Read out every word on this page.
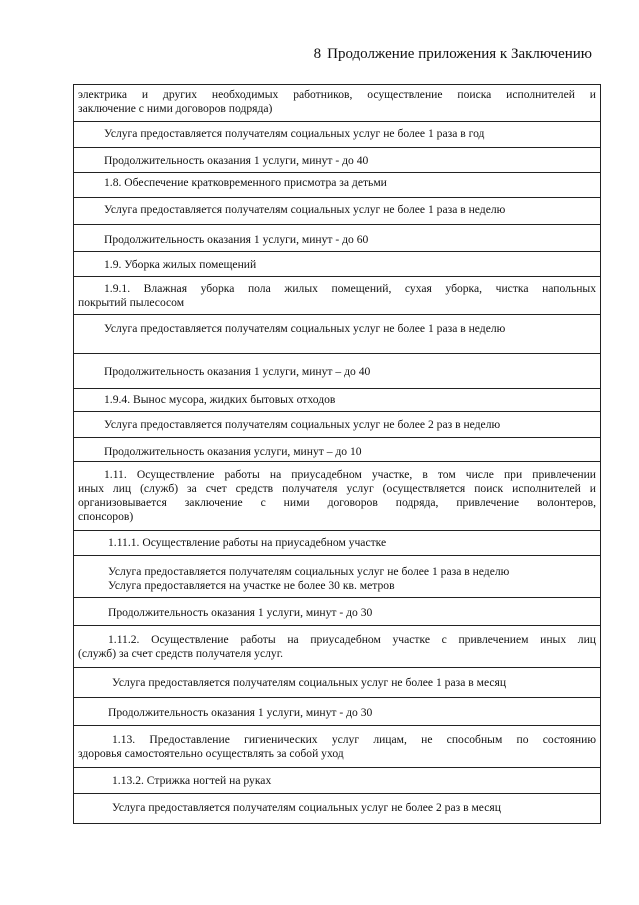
8 Продолжение приложения к Заключению
электрика и других необходимых работников, осуществление поиска исполнителей и
заключение с ними договоров подряда)
Услуга предоставляется получателям социальных услуг не более 1 раза в год
Продолжительность оказания 1 услуги, минут - до 40
1.8. Обеспечение кратковременного присмотра за детьми
Услуга предоставляется получателям социальных услуг не более 1 раза в неделю
Продолжительность оказания 1 услуги, минут - до 60
1.9. Уборка жилых помещений
1.9.1. Влажная уборка пола жилых помещений, сухая уборка, чистка напольных
покрытий пылесосом
Услуга предоставляется получателям социальных услуг не более 1 раза в неделю
Продолжительность оказания 1 услуги, минут – до 40
1.9.4. Вынос мусора, жидких бытовых отходов
Услуга предоставляется получателям социальных услуг не более 2 раз в неделю
Продолжительность оказания услуги, минут – до 10
1.11. Осуществление работы на приусадебном участке, в том числе при привлечении
иных лиц (служб) за счет средств получателя услуг (осуществляется поиск исполнителей и
организовывается заключение с ними договоров подряда, привлечение волонтеров,
спонсоров)
1.11.1. Осуществление работы на приусадебном участке
Услуга предоставляется получателям социальных услуг не более 1 раза в неделю
Услуга предоставляется на участке не более 30 кв. метров
Продолжительность оказания 1 услуги, минут - до 30
1.11.2. Осуществление работы на приусадебном участке с привлечением иных лиц
(служб) за счет средств получателя услуг.
Услуга предоставляется получателям социальных услуг не более 1 раза в месяц
Продолжительность оказания 1 услуги, минут - до 30
1.13. Предоставление гигиенических услуг лицам, не способным по состоянию
здоровья самостоятельно осуществлять за собой уход
1.13.2. Стрижка ногтей на руках
Услуга предоставляется получателям социальных услуг не более 2 раз в месяц
